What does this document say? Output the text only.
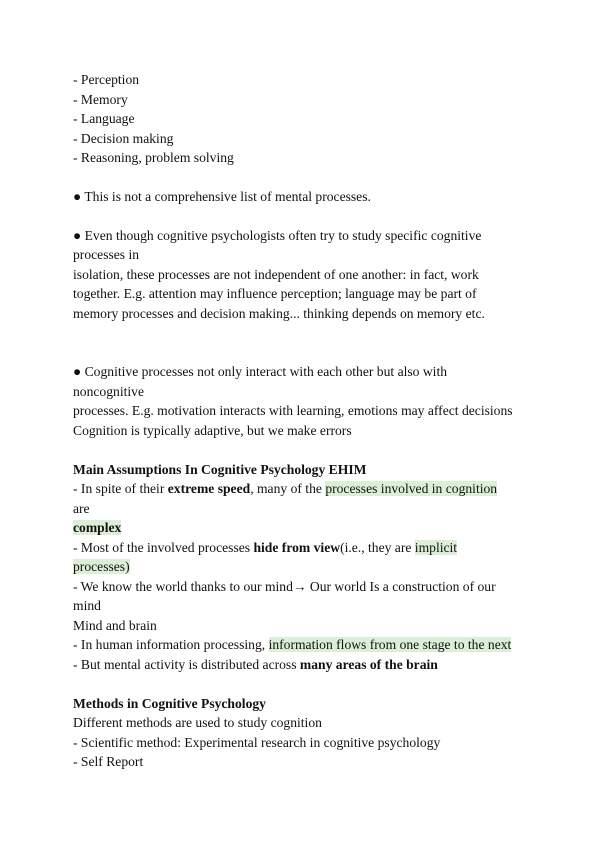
- Perception
- Memory
- Language
- Decision making
- Reasoning, problem solving
● This is not a comprehensive list of mental processes.
● Even though cognitive psychologists often try to study specific cognitive
processes in
isolation, these processes are not independent of one another: in fact, work
together. E.g. attention may influence perception; language may be part of
memory processes and decision making... thinking depends on memory etc.
● Cognitive processes not only interact with each other but also with
noncognitive
processes. E.g. motivation interacts with learning, emotions may affect decisions
Cognition is typically adaptive, but we make errors
Main Assumptions In Cognitive Psychology EHIM
- In spite of their extreme speed, many of the processes involved in cognition
are
complex
- Most of the involved processes hide from view(i.e., they are implicit
processes)
- We know the world thanks to our mind→ Our world Is a construction of our
mind
Mind and brain
- In human information processing, information flows from one stage to the next
- But mental activity is distributed across many areas of the brain
Methods in Cognitive Psychology
Different methods are used to study cognition
- Scientific method: Experimental research in cognitive psychology
- Self Report
